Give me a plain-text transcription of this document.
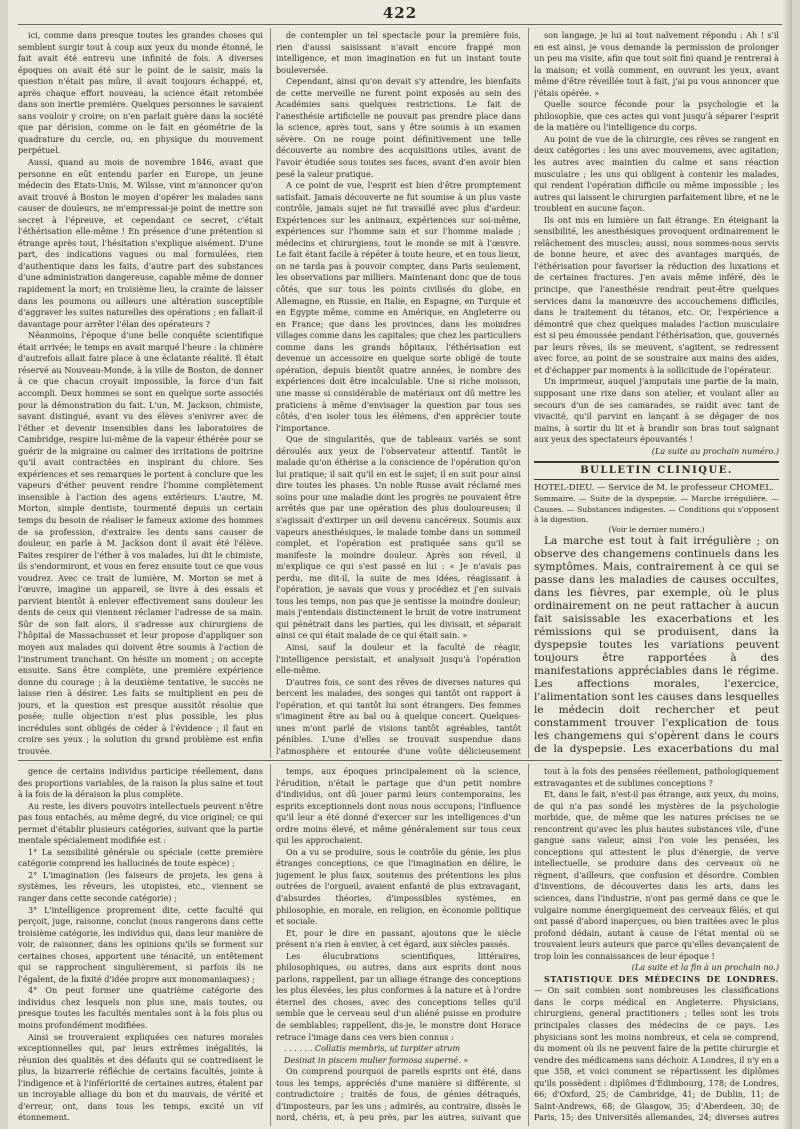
422

ici, comme dans presque toutes les grandes choses qui semblent surgir tout à coup aux yeux du monde étonné, le fait avait été entrevu une infinité de fois. A diverses époques on avait été sur le point de le saisir, mais la question n'était pas mûre, il avait toujours échappé, et, après chaque effort nouveau, la science était retombée dans son inertie première. Quelques personnes le savaient sans vouloir y croire; on n'en parlait guère dans la société que par dérision, comme on le fait en géométrie de la quadrature du cercle, ou, en physique du mouvement perpétuel.

Aussi, quand au mois de novembre 1846, avant que personne en eût entendu parler en Europe, un jeune médecin des Etats-Unis, M. Wilsse, vint m'annoncer qu'on avait trouvé à Boston le moyen d'opérer les malades sans causer de douleurs, ne m'empressai-je point de mettre son secret à l'épreuve, et cependant ce secret, c'était l'éthérisation elle-même ! En présence d'une prétention si étrange après tout, l'hésitation s'explique aisément. D'une part, des indications vagues ou mal formulées, rien d'authentique dans les faits, d'autre part des substances d'une administration dangereuse, capable même de donner rapidement la mort; en troisième lieu, la crainte de laisser dans les poumons ou ailleurs une altération susceptible d'aggraver les suites naturelles des opérations ; en fallait-il davantage pour arrêter l'élan des opérateurs ?

Néanmoins, l'époque d'une belle conquête scientifique était arrivée; le temps en avait marqué l'heure : la chimère d'autrefois allait faire place à une éclatante réalité. Il était réservé au Nouveau-Monde, à la ville de Boston, de donner à ce que chacun croyait impossible, la force d'un fait accompli. Deux hommes se sont en quelque sorte associés pour la démonstration du fait. L'un, M. Jackson, chimiste, savant distingué, avant vu des élèves s'enivrer avec de l'éther et devenir insensibles dans les laboratoires de Cambridge, respire lui-même de la vapeur éthérée pour se guérir de la migraine ou calmer des irritations de poitrine qu'il avait contractées en inspirant du chlore. Ses expériences et ses remarques le portent à conclure que les vapeurs d'éther peuvent rendre l'homme complètement insensible à l'action des agens extérieurs. L'autre, M. Morton, simple dentiste, tourmenté depuis un certain temps du besoin de réaliser le fameux axiome des hommes de sa profession, d'extraire les dents sans causer de douleur, en parle à M. Jackson dont il avait été l'élève. Faites respirer de l'éther à vos malades, lui dit le chimiste, ils s'endormiront, et vous en ferez ensuite tout ce que vous voudrez. Avec ce trait de lumière, M. Morton se met à l'œuvre, imagine un appareil, se livre à des essais et parvient bientôt à enlever effectivement sans douleur les dents de ceux qui viennent réclamer l'adresse de sa main. Sûr de son fait alors, il s'adresse aux chirurgiens de l'hôpital de Massachusset et leur propose d'appliquer son moyen aux malades qui doivent être soumis à l'action de l'instrument tranchant. On hésite un moment ; on accepte ensuite. Sans être complète, une première expérience donne du courage ; à la deuxième tentative, le succès ne laisse rien à désirer. Les faits se multiplient en peu de jours, et la question est presque aussitôt résolue que posée; nulle objection n'est plus possible, les plus incrédules sont obligés de céder à l'évidence ; il faut en croire ses yeux ; la solution du grand problème est enfin trouvée.

de contempler un tel spectacle pour la première fois, rien d'aussi saisissant n'avait encore frappé mon intelligence, et mon imagination en fut un instant toute bouleversée.

Cependant, ainsi qu'on devait s'y attendre, les bienfaits de cette merveille ne furent point exposés au sein des Académies sans quelques restrictions. Le fait de l'anesthésie artificielle ne pouvait pas prendre place dans la science, après tout, sans y être soumis à un examen sévère. On ne rouge point définitivement une telle découverte au nombre des acquisitions utiles, avant de l'avoir étudiée sous toutes ses faces, avant d'en avoir bien pesé la valeur pratique.

A ce point de vue, l'esprit est bien d'être promptement satisfait. Jamais découverte ne fut soumise à un plus vaste contrôle, jamais sujet ne fut travaillé avec plus d'ardeur. Expériences sur les animaux, expériences sur soi-même, expériences sur l'homme sain et sur l'homme malade ; médecins et chirurgiens, tout le monde se mit à l'œuvre. Le fait étant facile à répéter à toute heure, et en tous lieux, on ne tarda pas à pouvoir compter, dans Paris seulement, les observations par milliers. Maintenant donc que de tous côtés, que sur tous les points civilisés du globe, en Allemagne, en Russie, en Italie, en Espagne, en Turquie et en Egypte même, comme en Amérique, en Angleterre ou en France; que dans les provinces, dans les moindres villages comme dans les capitales; que chez les particuliers comme dans les grands hôpitaux, l'éthérisation est devenue un accessoire en quelque sorte obligé de toute opération, depuis bientôt quatre années, le nombre des expériences doit être incalculable. Une si riche moisson, une masse si considérable de matériaux ont dû mettre les praticiens à même d'envisager la question par tous ses côtés, d'en isoler tous les élémens, d'en apprécier toute l'importance.

Que de singularités, que de tableaux variés se sont déroulés aux yeux de l'observateur attentif. Tantôt le malade qu'on éthérise a la conscience de l'opération qu'on lui pratique; il sait qu'il en est le sujet; il en suit pour ainsi dire toutes les phases. Un noble Russe avait réclamé mes soins pour une maladie dont les progrès ne pouvaient être arrêtés que par une opération des plus douloureuses; il s'agissait d'extirper un œil devenu cancéreux. Soumis aux vapeurs anesthésiques, le malade tombe dans un sommeil complet, et l'opération est pratiquée sans qu'il se manifeste la moindre douleur. Après son réveil, il m'explique ce qui s'est passé en lui : « Je n'avais pas perdu, me dit-il, la suite de mes idées, réagissant à l'opération, je savais que vous y procédiez et j'en suivais tous les temps, non pas que je sentisse la moindre douleur; mais j'entendais distinctement le bruit de votre instrument qui pénétrait dans les parties, qui les divisait, et séparait ainsi ce qui était malade de ce qui était sain. »

Ainsi, sauf la douleur et la faculté de réagir, l'intelligence persistait, et analysait jusqu'à l'opération elle-même.

D'autres fois, ce sont des rêves de diverses natures qui bercent les malades, des songes qui tantôt ont rapport à l'opération, et qui tantôt lui sont étrangers. Des femmes s'imaginent être au bal ou à quelque concert. Quelques-unes m'ont parlé de visions tantôt agréables, tantôt pénibles. L'une d'elles se trouvait suspendue dans l'atmosphère et entourée d'une voûte délicieusement

son langage, je lui ai tout naïvement répondu : Ah ! s'il en est ainsi, je vous demande la permission de prolonger un peu ma visite, afin que tout soit fini quand je rentrerai à la maison; et voilà comment, en ouvrant les yeux, avant même d'être réveillée tout à fait, j'ai pu vous annoncer que j'étais opérée. »

Quelle source féconde pour la psychologie et la philosophie, que ces actes qui vont jusqu'à séparer l'esprit de la matière ou l'intelligence du corps.

Au point de vue de la chirurgie, ces rêves se rangent en deux catégories : les uns avec mouvemens, avec agitation; les autres avec maintien du calme et sans réaction musculaire ; les uns qui obligent à contenir les malades, qui rendent l'opération difficile ou même impossible ; les autres qui laissent le chirurgien parfaitement libre, et ne le troublent en aucune façon.

Ils ont mis en lumière un fait étrange. En éteignant la sensibilité, les anesthésiques provoquent ordinairement le relâchement des muscles; aussi, nous sommes-nous servis de bonne heure, et avec des avantages marqués, de l'éthérisation pour favoriser la réduction des luxations et de certaines fractures. J'en avais même inféré, dès le principe, que l'anesthésie rendrait peut-être quelques services dans la manœuvre des accouchemens difficiles, dans le traitement du tétanos, etc. Or, l'expérience a démontré que chez quelques malades l'action musculaire est si peu émoussée pendant l'éthérisation, que, gouvernés par leurs rêves, ils se meuvent, s'agitent, se redressent avec force, au point de se soustraire aux mains des aides, et d'échapper par moments à la sollicitude de l'opérateur.

Un imprimeur, auquel j'amputais une partie de la main, supposant une rixe dans son atelier, et voulant aller au secours d'un de ses camarades, se raidit avec tant de vivacité, qu'il parvint en lançant à se dégager de nos mains, à sortir du lit et à brandir son bras tout saignant aux yeux des spectateurs épouvantés !

(La suite au prochain numéro.)

BULLETIN CLINIQUE.

HOTEL-DIEU. — Service de M. le professeur CHOMEL.

Sommaire. — Suite de la dyspepsie. — Marche irrégulière. — Causes. — Substances indigestes. — Conditions qui s'opposent à la digestion.

(Voir le dernier numéro.)

La marche est tout à fait irrégulière ; on observe des changemens continuels dans les symptômes. Mais, contrairement à ce qui se passe dans les maladies de causes occultes, dans les fièvres, par exemple, où le plus ordinairement on ne peut rattacher à aucun fait saisissable les exacerbations et les rémissions qui se produisent, dans la dyspepsie toutes les variations peuvent toujours être rapportées à des manifestations appréciables dans le régime. Les affections morales, l'exercice, l'alimentation sont les causes dans lesquelles le médecin doit rechercher et peut constamment trouver l'explication de tous les changemens qui s'opèrent dans le cours de la dyspepsie. Les exacerbations du mal

gence de certains individus participe réellement, dans des proportions variables, de la raison la plus saine et tout à la fois de la déraison la plus complète.

Au reste, les divers pouvoirs intellectuels peuvent n'être pas tous entachés, au même degré, du vice originel; ce qui permet d'établir plusieurs catégories, suivant que la partie mentale spécialement modifiée est :

1° La sensibilité générale ou spéciale (cette première catégorie comprend les hallucinés de toute espèce) ;

2° L'imagination (les faiseurs de projets, les gens à systèmes, les rêveurs, les utopistes, etc., viennent se ranger dans cette seconde catégorie) ;

3° L'intelligence proprement dite, cette faculté qui perçoit, juge, raisonne, conclut (nous rangerons dans cette troisième catégorie, les individus qui, dans leur manière de voir, de raisonner, dans les opinions qu'ils se forment sur certaines choses, apportent une ténacité, un entêtement qui se rapprochent singulièrement, si parfois ils ne l'égalent, de la fixité d'idée propre aux monomaniaques) ;

4° On peut former une quatrième catégorie des individus chez lesquels non plus une, mais toutes, ou presque toutes les facultés mentales sont à la fois plus ou moins profondément modifiées.

Ainsi se trouveraient expliquées ces natures morales exceptionnelles qui, par leurs extrêmes inégalités, la réunion des qualités et des défauts qui se contredisent le plus, la bizarrerie réfléchie de certains facultés, jointe à l'indigence et à l'infériorité de certaines autres, étalent par un incroyable alliage du bon et du mauvais, de vérité et d'erreur, ont, dans tous les temps, excité un vif étonnement.

temps, aux époques principalement où la science, l'érudition, n'était le partage que d'un petit nombre d'individus, ont dû jouer parmi leurs contemporains, les esprits exceptionnels dont nous nous occupons; l'influence qu'il leur a été donné d'exercer sur les intelligences d'un ordre moins élevé, et même généralement sur tous ceux qui les approchaient.

On a vu se produire, sous le contrôle du génie, les plus étranges conceptions, ce que l'imagination en délire, le jugement le plus faux, soutenus des prétentions les plus outrées de l'orgueil, avaient enfanté de plus extravagant, d'absurdes théories, d'impossibles systèmes, en philosophie, en morale, en religion, en économie politique et sociale.

Et, pour le dire en passant, ajoutons que le siècle présent n'a rien à envier, à cet égard, aux siècles passés.

Les élucubrations scientifiques, littéraires, philosophiques, ou autres, dans aux esprits dont nous parlons, rappellent, par un alliage étrange des conceptions les plus élevées, les plus conformes à la nature et à l'ordre éternel des choses, avec des conceptions telles qu'il semble que le cerveau seul d'un aliéné puisse en produire de semblables; rappellent, dis-je, le monstre dont Horace retrace l'image dans ces vers bien connus :

. . . . . . Collatis membris, ut turpiter atrum

Desinat in piscem mulier formosa superné. »

On comprend pourquoi de pareils esprits ont été, dans tous les temps, appréciés d'une manière si différente, si contradictoire ; traités de fous, de génies détraqués, d'imposteurs, par les uns ; admirés, au contraire, dissès le nord, chéris, et, à peu près, par les autres, suivant que

tout à la fois des pensées réellement, pathologiquement extravagantes et de sublimes conceptions ?

Et, dans le fait, n'est-il pas étrange, aux yeux, du moins, de qui n'a pas sondé les mystères de la psychologie morbide, que, de même que les natures précises ne se rencontrent qu'avec les plus hautes substances vile, d'une gangue sans valeur, ainsi l'on voie les pensées, les conceptions qui attestent le plus d'énergie, de verve intellectuelle, se produire dans des cerveaux où ne règnent, d'ailleurs, que confusion et désordre. Combien d'inventions, de découvertes dans les arts, dans les sciences, dans l'industrie, n'ont pas germé dans ce que le vulgaire nomme énergiquement des cerveaux fêlés, et qui ont passé d'abord inaperçues, ou bien traitées avec le plus profond dédain, autant à cause de l'état mental où se trouvaient leurs auteurs que parce qu'elles devançaient de trop loin les connaissances de leur époque !

(La suite et la fin à un prochain no.)

STATISTIQUE DES MÉDECINS DE LONDRES. — On sait combien sont nombreuses les classifications dans le corps médical en Angleterre. Physicians, chirurgiens, general practitioners ; telles sont les trois principales classes des médecins de ce pays. Les physicians sont les moins nombreux, et cela se comprend, du moment où ils ne peuvent faire de la petite chirurgie et vendre des médicamens sans déchoir. A Londres, il n'y en a que 358, et voici comment se répartissent les diplômes qu'ils possèdent : diplômes d'Édimbourg, 178; de Londres, 66; d'Oxford, 25; de Cambridge, 41; de Dublin, 11; de Saint-Andrews, 68; de Glasgow, 35; d'Aberdeen, 30; de Paris, 15; des Universités allemandes, 24; diverses autres
